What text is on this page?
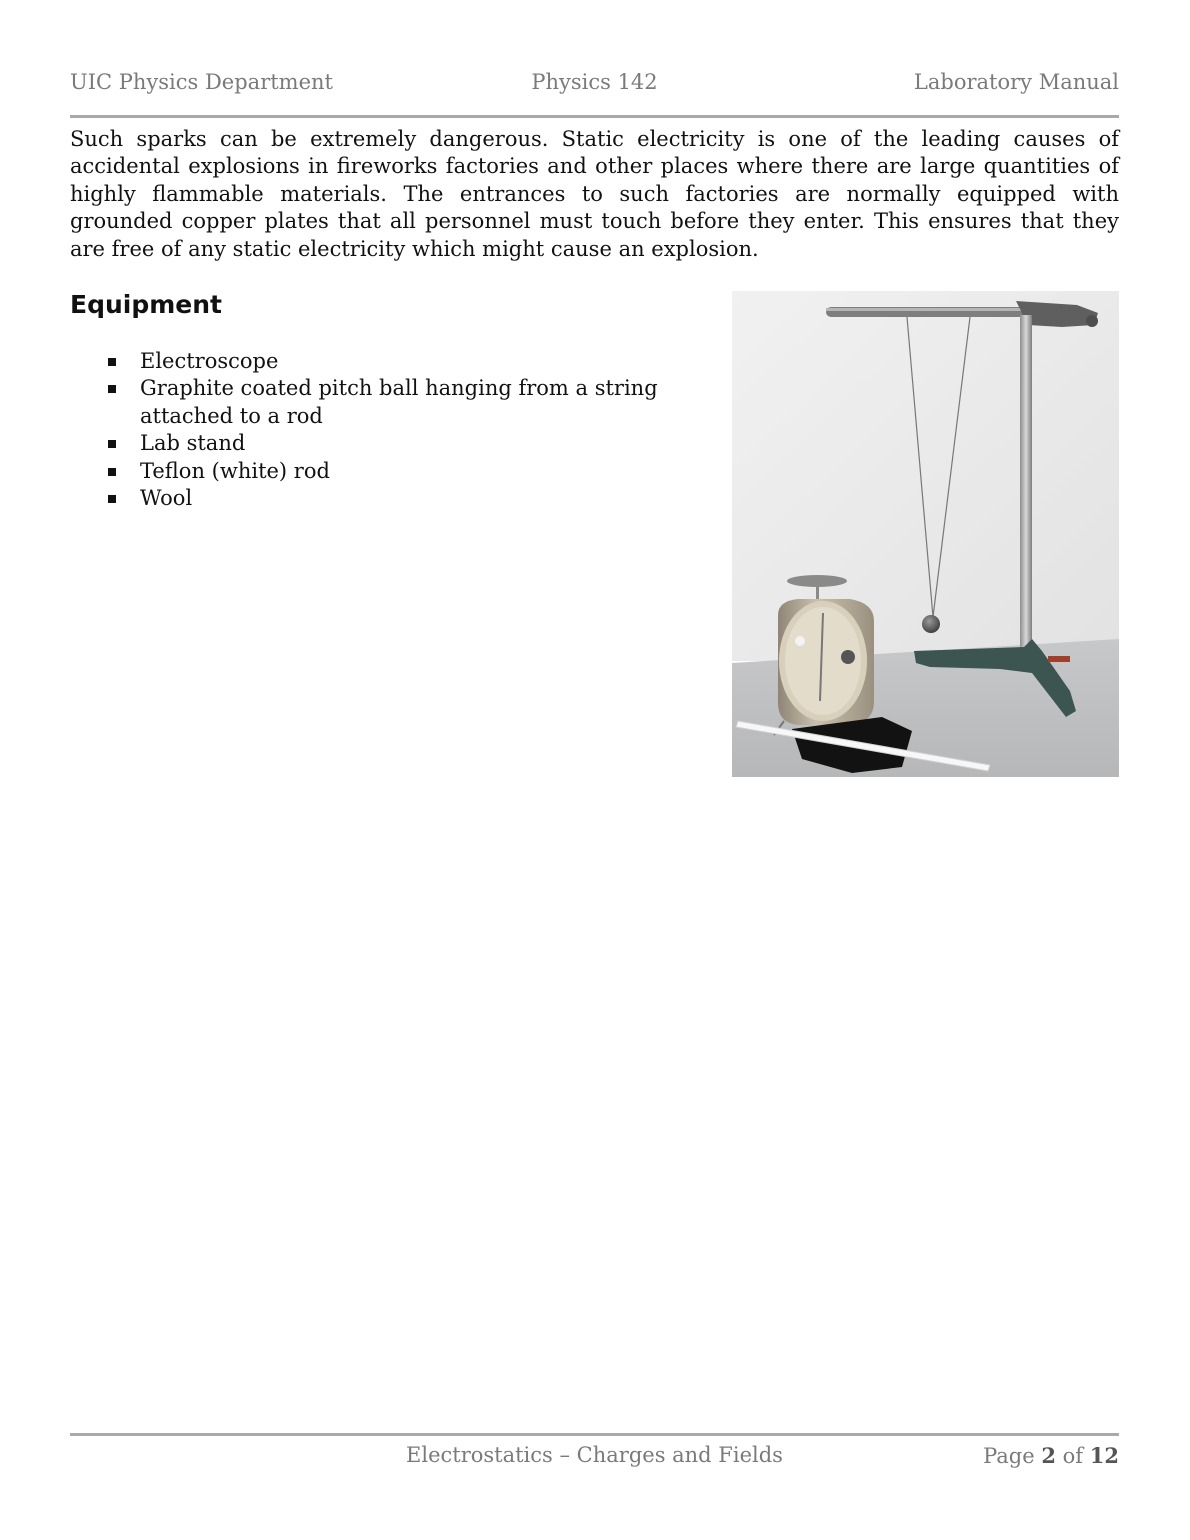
UIC Physics Department	Physics 142	Laboratory Manual

Such sparks can be extremely dangerous. Static electricity is one of the leading causes of accidental explosions in fireworks factories and other places where there are large quantities of highly flammable materials. The entrances to such factories are normally equipped with grounded copper plates that all personnel must touch before they enter. This ensures that they are free of any static electricity which might cause an explosion.

Equipment
Electroscope
Graphite coated pitch ball hanging from a string attached to a rod
Lab stand
Teflon (white) rod
Wool
Electrostatics – Charges and Fields	Page 2 of 12
